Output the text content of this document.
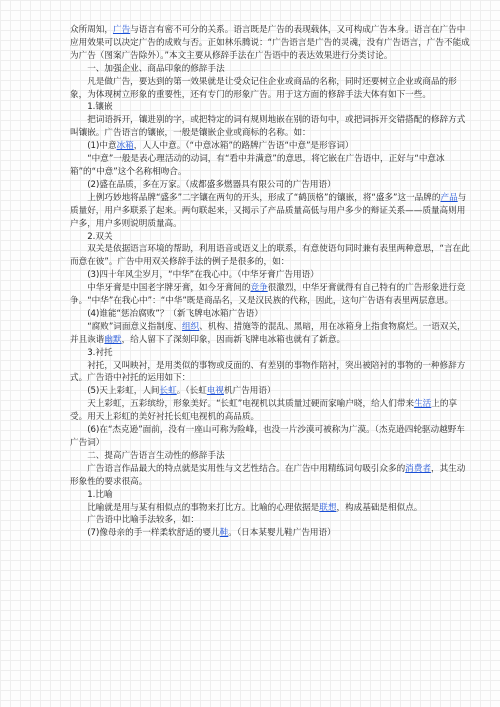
众所周知，广告与语言有密不可分的关系。语言既是广告的表现载体，又可构成广告本身。语言在广告中应用效果可以决定广告的成败与否。正如林乐腾说：“广告语言是广告的灵魂，没有广告语言，广告不能成为广告（图案广告除外）。”本文主要从修辞手法在广告语中的表达效果进行分类讨论。

一、加强企业、商品印象的修辞手法

凡是做广告，要达到的第一效果就是让受众记住企业或商品的名称，同时还要树立企业或商品的形象，为体现树立形象的重要性，还有专门的形象广告。用于这方面的修辞手法大体有如下一些。

1.镶嵌

把词语拆开，镶进别的字，或把特定的词有规则地嵌在别的语句中，或把词拆开交错搭配的修辞方式叫镶嵌。广告语言的镶嵌，一般是镶嵌企业或商标的名称。如：

(1)中意冰箱，人人中意。（“中意冰箱”的路牌广告语“中意”是形容词）

“中意”一般是表心理活动的动词，有“看中并满意”的意思，将它嵌在广告语中，正好与“中意冰箱”的“中意”这个名称相吻合。

(2)盛在品质，多在万家。（成都盛多燃器具有限公司的广告用语）

上例巧妙地将品牌“盛多”二字镶在两句的开头，形成了“鹤顶格”的镶嵌，将“盛多”这一品牌的产品与质量好，用户多联系了起来。两句联起来，又揭示了产品质量高低与用户多少的辩证关系——质量高则用户多，用户多则说明质量高。

2.双关

双关是依据语言环境的帮助，利用语音或语义上的联系，有意使语句同时兼有表里两种意思，“言在此而意在彼”。广告中用双关修辞手法的例子是很多的，如：

(3)四十年风尘岁月，“中华”在我心中。（中华牙膏广告用语）

中华牙膏是中国老字牌牙膏，如今牙膏间的竞争很激烈，中华牙膏就得有自己特有的广告形象进行竞争。“中华”在我心中”：“中华”既是商品名，又是汉民族的代称，因此，这句广告语有表里两层意思。

(4)谁能“惩冶腐败”？（新飞牌电冰箱广告语）

“腐败”词面意义指制度、组织、机构、措施等的混乱、黑暗，用在冰箱身上指食物腐烂。一语双关，并且诙谐幽默，给人留下了深刻印象，因而新飞牌电冰箱也就有了新意。

3.衬托

衬托，又叫映衬，是用类似的事物或反面的、有差别的事物作陪衬，突出被陪衬的事物的一种修辞方式。广告语中衬托的运用如下：

(5)天上彩虹，人间长虹。（长虹电视机广告用语）

天上彩虹，五彩缤纷，形象美好。“长虹”电视机以其质量过硬而家喻户晓，给人们带来生活上的享受。用天上彩虹的美好衬托长虹电视机的高品质。

(6)在“杰克逊”面前，没有一座山可称为险峰，也没一片沙漠可被称为广漠。（杰克逊四轮驱动越野车广告词）

二、提高广告语言生动性的修辞手法

广告语言作品最大的特点就是实用性与文艺性结合。在广告中用精练词句吸引众多的消费者，其生动形象性的要求很高。

1.比喻

比喻就是用与某有相似点的事物来打比方。比喻的心理依据是联想，构成基础是相似点。

广告语中比喻手法较多，如：

(7)像母亲的手一样柔软舒适的婴儿鞋。（日本某婴儿鞋广告用语）
